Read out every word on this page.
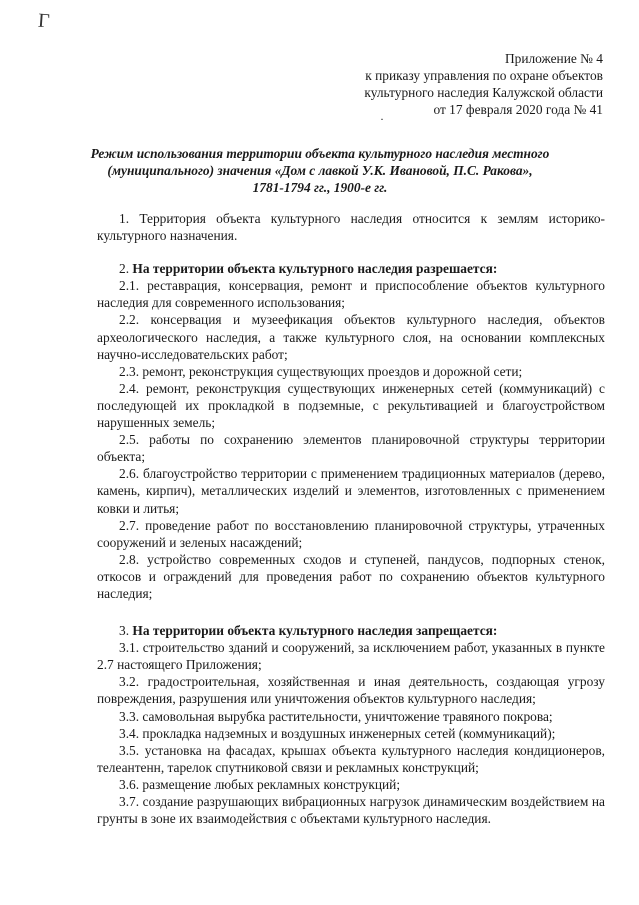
Г
Приложение № 4
к приказу управления по охране объектов
культурного наследия Калужской области
от 17 февраля 2020 года № 41
·
Режим использования территории объекта культурного наследия местного
(муниципального) значения «Дом с лавкой У.К. Ивановой, П.С. Ракова»,
1781-1794 гг., 1900-е гг.

1. Территория объекта культурного наследия относится к землям историко-культурного назначения.

2. На территории объекта культурного наследия разрешается:

2.1. реставрация, консервация, ремонт и приспособление объектов культурного наследия для современного использования;

2.2. консервация и музеефикация объектов культурного наследия, объектов археологического наследия, а также культурного слоя, на основании комплексных научно-исследовательских работ;

2.3. ремонт, реконструкция существующих проездов и дорожной сети;

2.4. ремонт, реконструкция существующих инженерных сетей (коммуникаций) с последующей их прокладкой в подземные, с рекультивацией и благоустройством нарушенных земель;

2.5. работы по сохранению элементов планировочной структуры территории объекта;

2.6. благоустройство территории с применением традиционных материалов (дерево, камень, кирпич), металлических изделий и элементов, изготовленных с применением ковки и литья;

2.7. проведение работ по восстановлению планировочной структуры, утраченных сооружений и зеленых насаждений;

2.8. устройство современных сходов и ступеней, пандусов, подпорных стенок, откосов и ограждений для проведения работ по сохранению объектов культурного наследия;

3. На территории объекта культурного наследия запрещается:

3.1. строительство зданий и сооружений, за исключением работ, указанных в пункте 2.7 настоящего Приложения;

3.2. градостроительная, хозяйственная и иная деятельность, создающая угрозу повреждения, разрушения или уничтожения объектов культурного наследия;

3.3. самовольная вырубка растительности, уничтожение травяного покрова;

3.4. прокладка надземных и воздушных инженерных сетей (коммуникаций);

3.5. установка на фасадах, крышах объекта культурного наследия кондиционеров, телеантенн, тарелок спутниковой связи и рекламных конструкций;

3.6. размещение любых рекламных конструкций;

3.7. создание разрушающих вибрационных нагрузок динамическим воздействием на грунты в зоне их взаимодействия с объектами культурного наследия.
